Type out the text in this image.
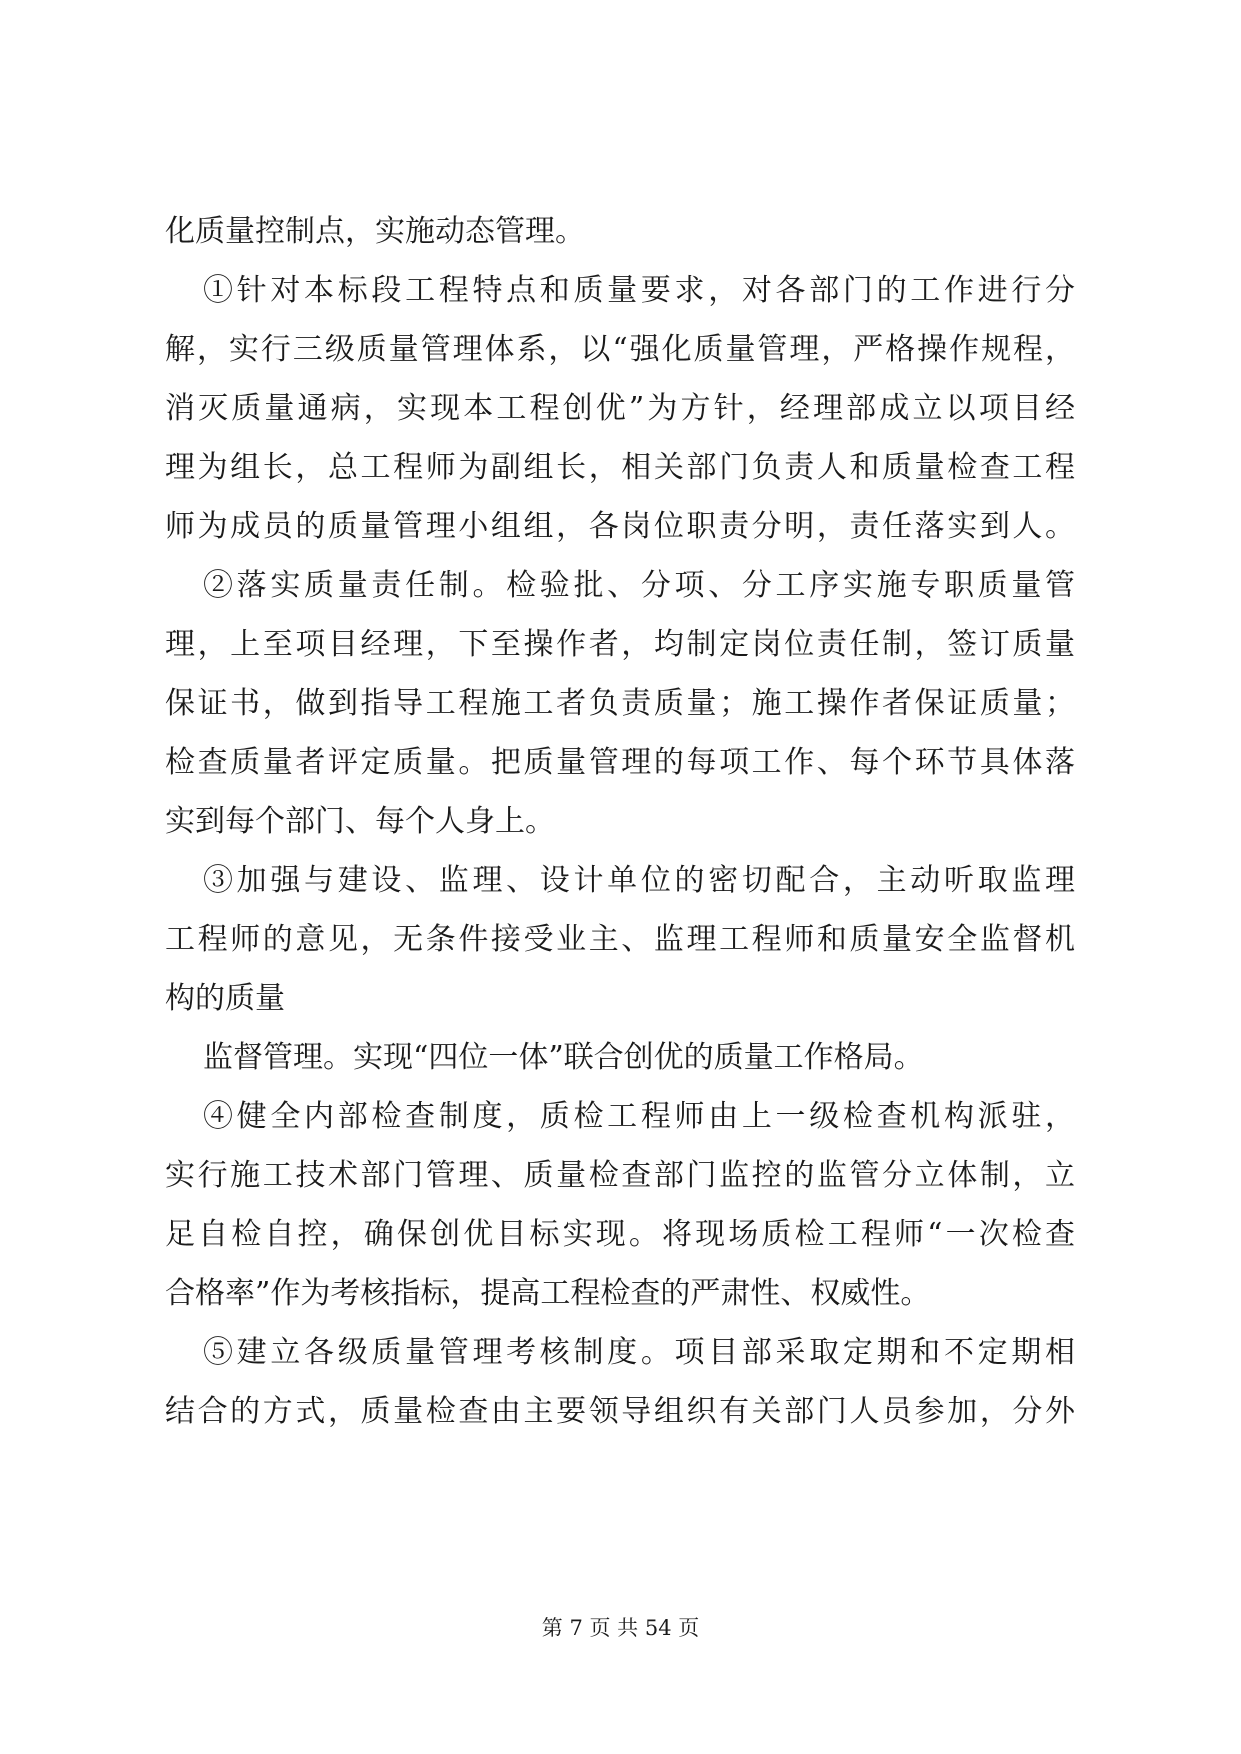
化质量控制点，实施动态管理。
①针对本标段工程特点和质量要求，对各部门的工作进行分
解，实行三级质量管理体系，以“强化质量管理，严格操作规程，
消灭质量通病，实现本工程创优”为方针，经理部成立以项目经
理为组长，总工程师为副组长，相关部门负责人和质量检查工程
师为成员的质量管理小组组，各岗位职责分明，责任落实到人。
②落实质量责任制。检验批、分项、分工序实施专职质量管
理，上至项目经理，下至操作者，均制定岗位责任制，签订质量
保证书，做到指导工程施工者负责质量；施工操作者保证质量；
检查质量者评定质量。把质量管理的每项工作、每个环节具体落
实到每个部门、每个人身上。
③加强与建设、监理、设计单位的密切配合，主动听取监理
工程师的意见，无条件接受业主、监理工程师和质量安全监督机
构的质量
监督管理。实现“四位一体”联合创优的质量工作格局。
④健全内部检查制度，质检工程师由上一级检查机构派驻，
实行施工技术部门管理、质量检查部门监控的监管分立体制，立
足自检自控，确保创优目标实现。将现场质检工程师“一次检查
合格率”作为考核指标，提高工程检查的严肃性、权威性。
⑤建立各级质量管理考核制度。项目部采取定期和不定期相
结合的方式，质量检查由主要领导组织有关部门人员参加，分外
第 7 页 共 54 页
